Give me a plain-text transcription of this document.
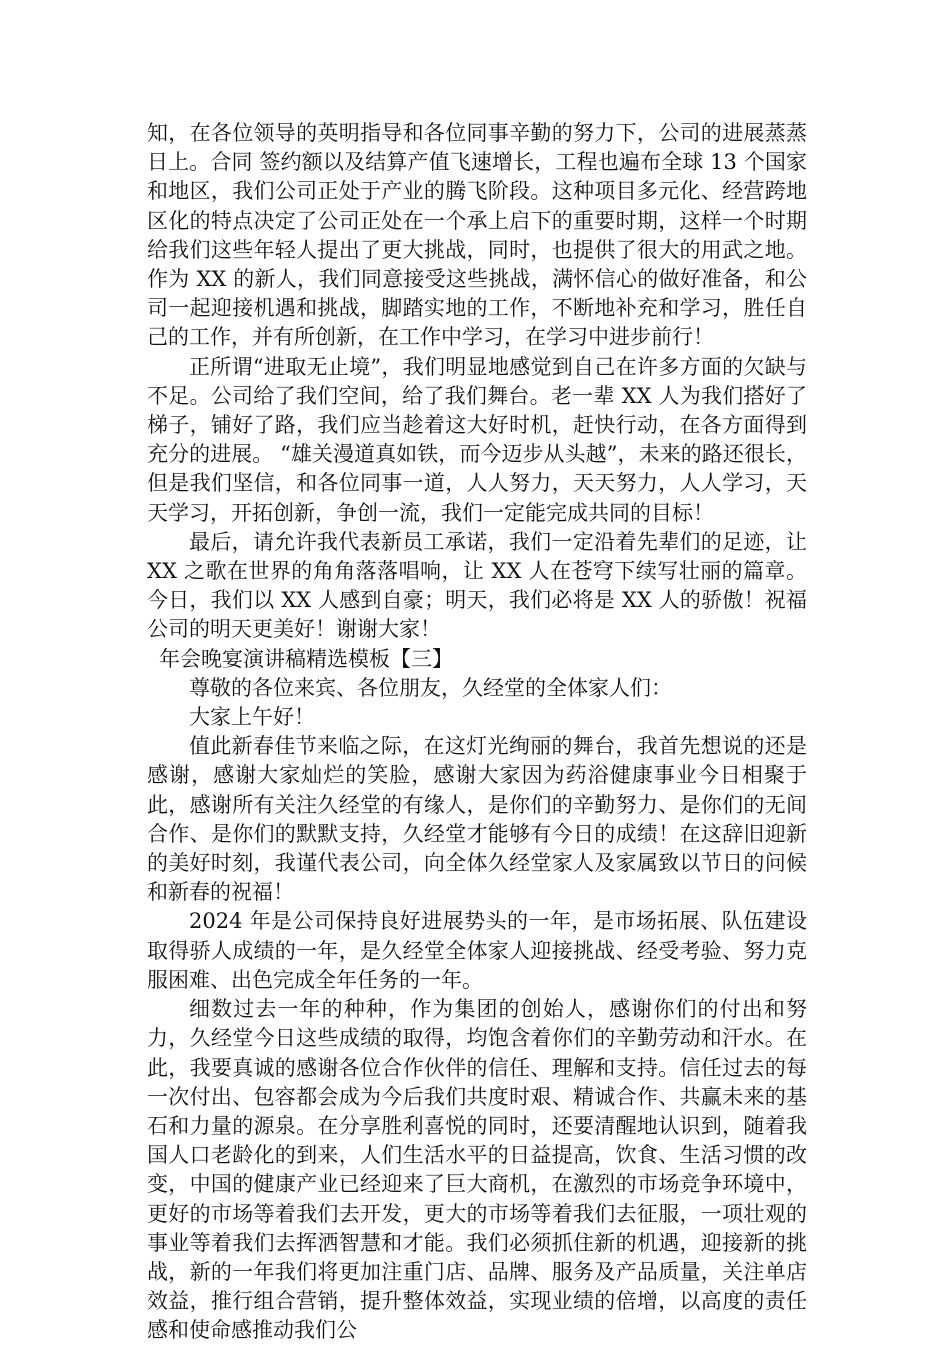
知，在各位领导的英明指导和各位同事辛勤的努力下，公司的进展蒸蒸日上。合同 签约额以及结算产值飞速增长，工程也遍布全球 13 个国家和地区，我们公司正处于产业的腾飞阶段。这种项目多元化、经营跨地区化的特点决定了公司正处在一个承上启下的重要时期，这样一个时期给我们这些年轻人提出了更大挑战，同时，也提供了很大的用武之地。作为 XX 的新人，我们同意接受这些挑战，满怀信心的做好准备，和公司一起迎接机遇和挑战，脚踏实地的工作，不断地补充和学习，胜任自己的工作，并有所创新，在工作中学习，在学习中进步前行！

正所谓“进取无止境”，我们明显地感觉到自己在许多方面的欠缺与不足。公司给了我们空间，给了我们舞台。老一辈 XX 人为我们搭好了梯子，铺好了路，我们应当趁着这大好时机，赶快行动，在各方面得到充分的进展。 “雄关漫道真如铁，而今迈步从头越”，未来的路还很长，但是我们坚信，和各位同事一道，人人努力，天天努力，人人学习，天天学习，开拓创新，争创一流，我们一定能完成共同的目标！

最后，请允许我代表新员工承诺，我们一定沿着先辈们的足迹，让 XX 之歌在世界的角角落落唱响，让 XX 人在苍穹下续写壮丽的篇章。今日，我们以 XX 人感到自豪；明天，我们必将是 XX 人的骄傲！祝福公司的明天更美好！谢谢大家！

年会晚宴演讲稿精选模板【三】

尊敬的各位来宾、各位朋友，久经堂的全体家人们：

大家上午好！

值此新春佳节来临之际，在这灯光绚丽的舞台，我首先想说的还是感谢，感谢大家灿烂的笑脸，感谢大家因为药浴健康事业今日相聚于此，感谢所有关注久经堂的有缘人，是你们的辛勤努力、是你们的无间合作、是你们的默默支持，久经堂才能够有今日的成绩！在这辞旧迎新的美好时刻，我谨代表公司，向全体久经堂家人及家属致以节日的问候和新春的祝福！

2024 年是公司保持良好进展势头的一年，是市场拓展、队伍建设取得骄人成绩的一年，是久经堂全体家人迎接挑战、经受考验、努力克服困难、出色完成全年任务的一年。

细数过去一年的种种，作为集团的创始人，感谢你们的付出和努力，久经堂今日这些成绩的取得，均饱含着你们的辛勤劳动和汗水。在此，我要真诚的感谢各位合作伙伴的信任、理解和支持。信任过去的每一次付出、包容都会成为今后我们共度时艰、精诚合作、共赢未来的基石和力量的源泉。在分享胜利喜悦的同时，还要清醒地认识到，随着我国人口老龄化的到来，人们生活水平的日益提高，饮食、生活习惯的改变，中国的健康产业已经迎来了巨大商机，在激烈的市场竞争环境中，更好的市场等着我们去开发，更大的市场等着我们去征服，一项壮观的事业等着我们去挥洒智慧和才能。我们必须抓住新的机遇，迎接新的挑战，新的一年我们将更加注重门店、品牌、服务及产品质量，关注单店效益，推行组合营销，提升整体效益，实现业绩的倍增，以高度的责任感和使命感推动我们公
